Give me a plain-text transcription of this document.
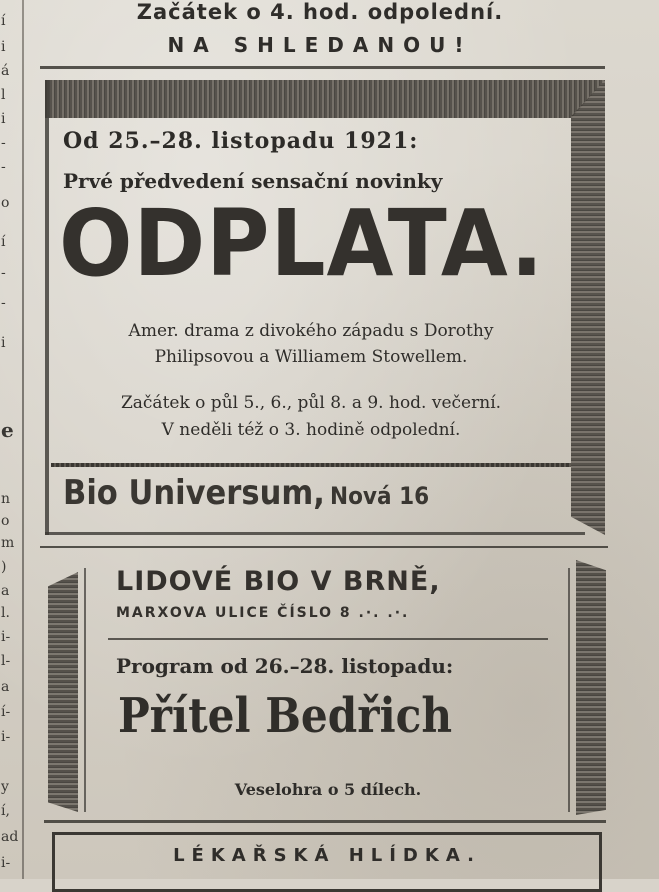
í
i
á
l
i
-
-
o
í
-
-
i
e
n
o
m
)
a
l.
i-
l-
a
í-
i-
y
í,
ad
i-
Začátek o 4. hod. odpolední.
NA SHLEDANOU!
Od 25.–28. listopadu 1921:
Prvé předvedení sensační novinky
ODPLATA.
Amer. drama z divokého západu s Dorothy
Philipsovou a Williamem Stowellem.
Začátek o půl 5., 6., půl 8. a 9. hod. večerní.
V neděli též o 3. hodině odpolední.
Bio Universum, Nová 16
LIDOVÉ BIO V BRNĚ,
MARXOVA ULICE ČÍSLO 8 .·. .·.
Program od 26.–28. listopadu:
Přítel Bedřich
Veselohra o 5 dílech.
LÉKAŘSKÁ HLÍDKA.
